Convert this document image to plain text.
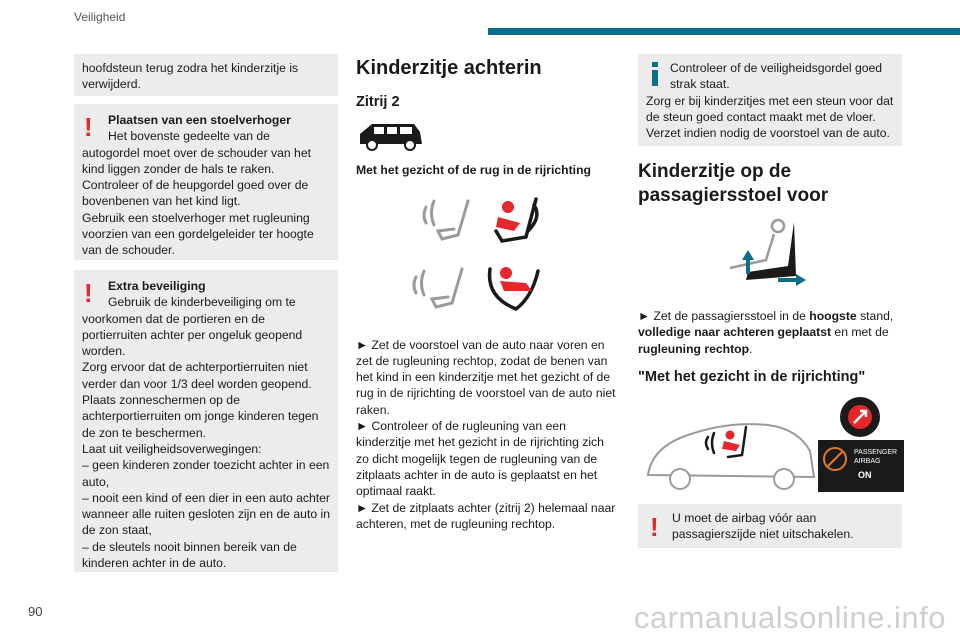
Veiligheid
hoofdsteun terug zodra het kinderzitje is verwijderd.
! Plaatsen van een stoelverhoger
Het bovenste gedeelte van de autogordel moet over de schouder van het kind liggen zonder de hals te raken.
Controleer of de heupgordel goed over de bovenbenen van het kind ligt.
Gebruik een stoelverhoger met rugleuning voorzien van een gordelgeleider ter hoogte van de schouder.
! Extra beveiliging
Gebruik de kinderbeveiliging om te voorkomen dat de portieren en de portierruiten achter per ongeluk geopend worden.
Zorg ervoor dat de achterportierruiten niet verder dan voor 1/3 deel worden geopend.
Plaats zonneschermen op de achterportierruiten om jonge kinderen tegen de zon te beschermen.
Laat uit veiligheidsoverwegingen:
– geen kinderen zonder toezicht achter in een auto,
– nooit een kind of een dier in een auto achter wanneer alle ruiten gesloten zijn en de auto in de zon staat,
– de sleutels nooit binnen bereik van de kinderen achter in de auto.
Kinderzitje achterin
Zitrij 2
Met het gezicht of de rug in de rijrichting
► Zet de voorstoel van de auto naar voren en zet de rugleuning rechtop, zodat de benen van het kind in een kinderzitje met het gezicht of de rug in de rijrichting de voorstoel van de auto niet raken.
► Controleer of de rugleuning van een kinderzitje met het gezicht in de rijrichting zich zo dicht mogelijk tegen de rugleuning van de zitplaats achter in de auto is geplaatst en het optimaal raakt.
► Zet de zitplaats achter (zitrij 2) helemaal naar achteren, met de rugleuning rechtop.
Controleer of de veiligheidsgordel goed strak staat.
Zorg er bij kinderzitjes met een steun voor dat de steun goed contact maakt met de vloer.
Verzet indien nodig de voorstoel van de auto.
Kinderzitje op de passagiersstoel voor
► Zet de passagiersstoel in de hoogste stand, volledige naar achteren geplaatst en met de rugleuning rechtop.
"Met het gezicht in de rijrichting"
PASSENGER
AIRBAG
ON
!	U moet de airbag vóór aan passagierszijde niet uitschakelen.
90	carmanualsonline.info
